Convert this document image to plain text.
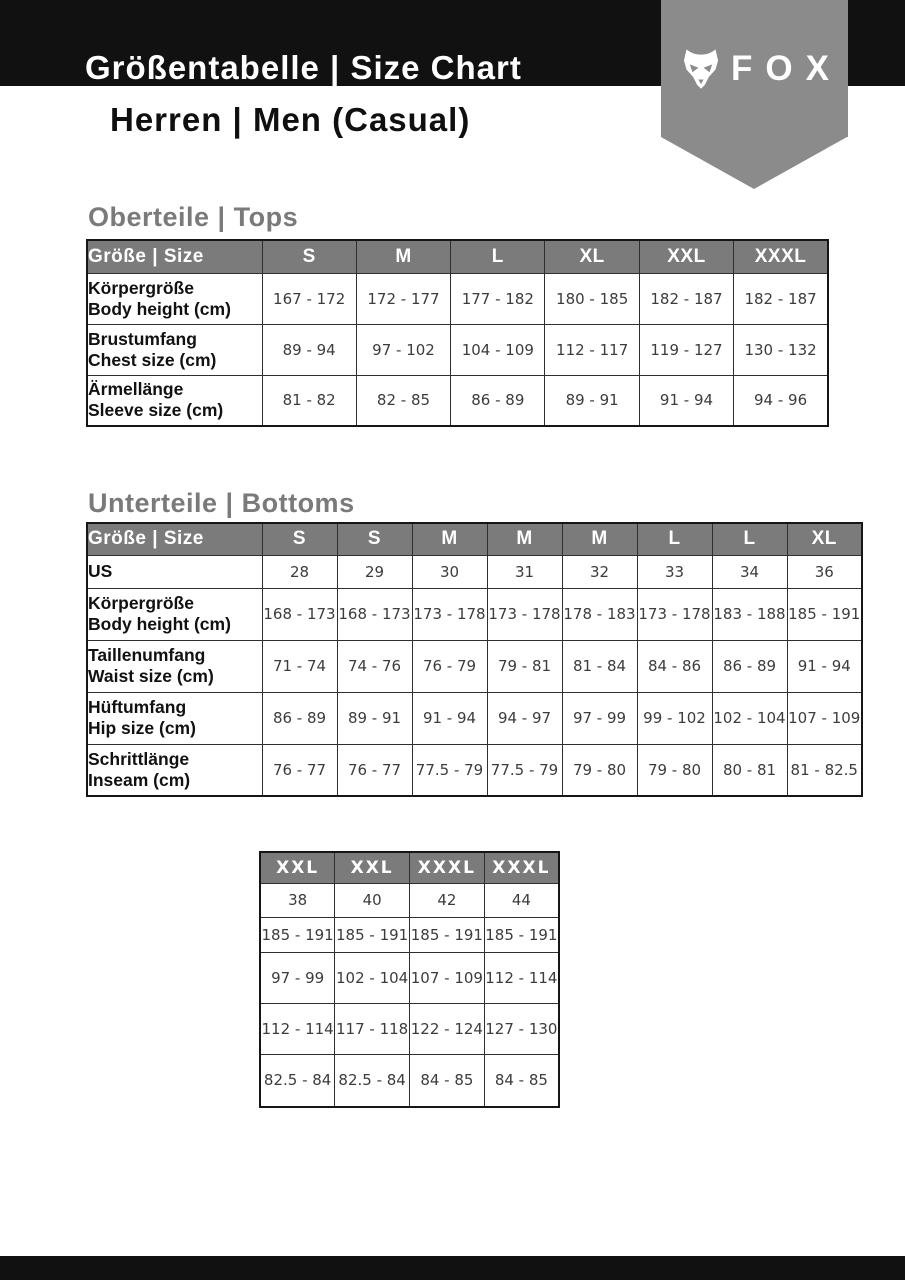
Größentabelle | Size Chart
Herren | Men (Casual)
FOX
Oberteile | Tops
Größe | Size	S	M	L	XL	XXL	XXXL

Körpergröße
Body height (cm)	167 - 172	172 - 177	177 - 182	180 - 185	182 - 187	182 - 187

Brustumfang
Chest size (cm)	89 - 94	97 - 102	104 - 109	112 - 117	119 - 127	130 - 132

Ärmellänge
Sleeve size (cm)	81 - 82	82 - 85	86 - 89	89 - 91	91 - 94	94 - 96
Unterteile | Bottoms
Größe | Size	S	S	M	M	M	L	L	XL
US	28	29	30	31	32	33	34	36

Körpergröße
Body height (cm)	168 - 173	168 - 173	173 - 178	173 - 178	178 - 183	173 - 178	183 - 188	185 - 191

Taillenumfang
Waist size (cm)	71 - 74	74 - 76	76 - 79	79 - 81	81 - 84	84 - 86	86 - 89	91 - 94

Hüftumfang
Hip size (cm)	86 - 89	89 - 91	91 - 94	94 - 97	97 - 99	99 - 102	102 - 104	107 - 109

Schrittlänge
Inseam (cm)	76 - 77	76 - 77	77.5 - 79	77.5 - 79	79 - 80	79 - 80	80 - 81	81 - 82.5
XXL	XXL	XXXL	XXXL
38	40	42	44
185 - 191	185 - 191	185 - 191	185 - 191
97 - 99	102 - 104	107 - 109	112 - 114
112 - 114	117 - 118	122 - 124	127 - 130
82.5 - 84	82.5 - 84	84 - 85	84 - 85
